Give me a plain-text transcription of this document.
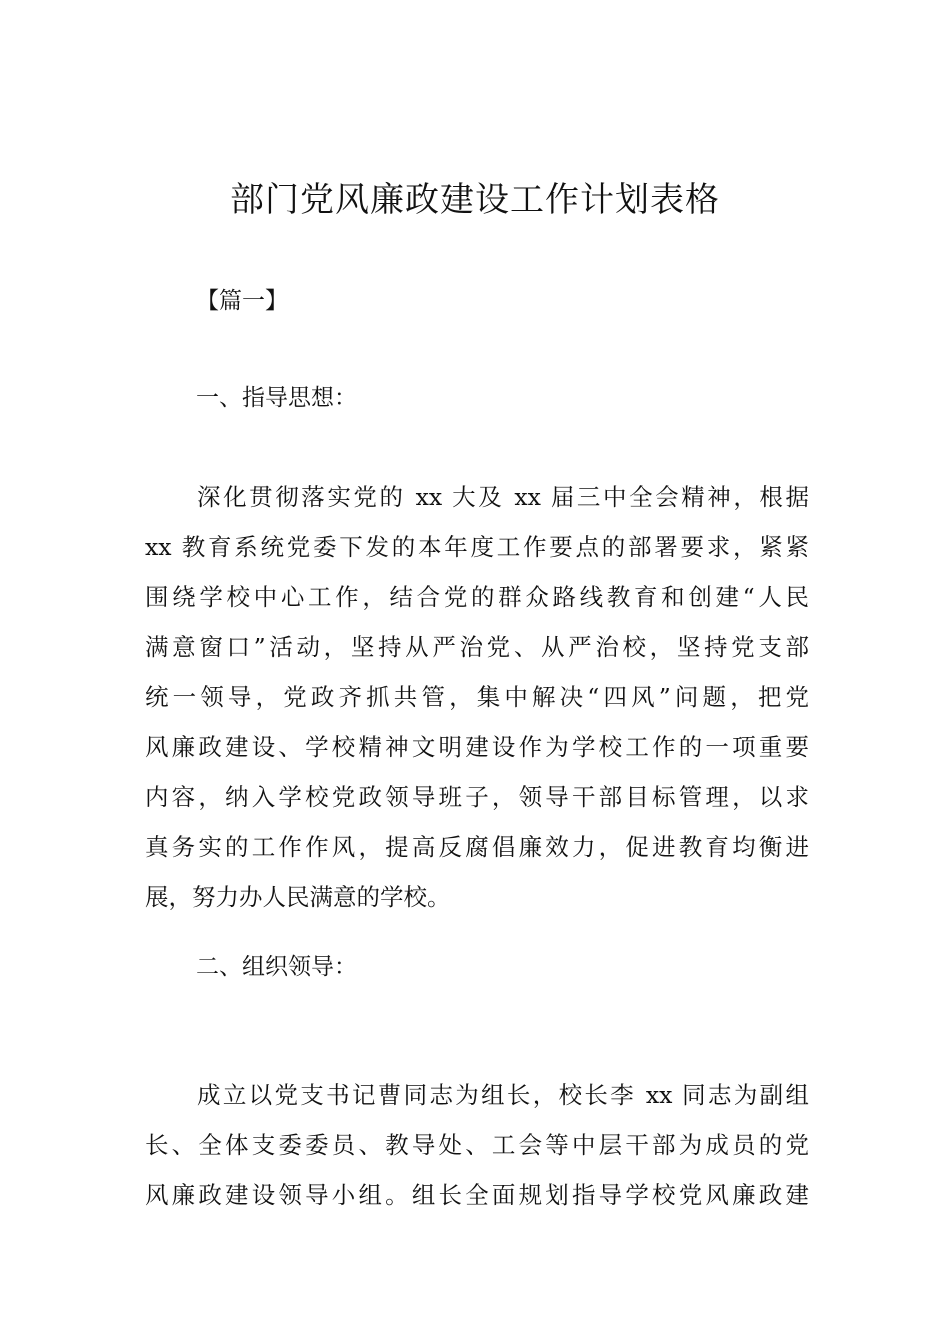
部门党风廉政建设工作计划表格
【篇一】
一、指导思想：
深化贯彻落实党的 xx 大及 xx 届三中全会精神，根据
xx 教育系统党委下发的本年度工作要点的部署要求，紧紧
围绕学校中心工作，结合党的群众路线教育和创建“人民
满意窗口”活动，坚持从严治党、从严治校，坚持党支部
统一领导，党政齐抓共管，集中解决“四风”问题，把党
风廉政建设、学校精神文明建设作为学校工作的一项重要
内容，纳入学校党政领导班子，领导干部目标管理，以求
真务实的工作作风，提高反腐倡廉效力，促进教育均衡进
展，努力办人民满意的学校。
二、组织领导：
成立以党支书记曹同志为组长，校长李 xx 同志为副组
长、全体支委委员、教导处、工会等中层干部为成员的党
风廉政建设领导小组。组长全面规划指导学校党风廉政建
